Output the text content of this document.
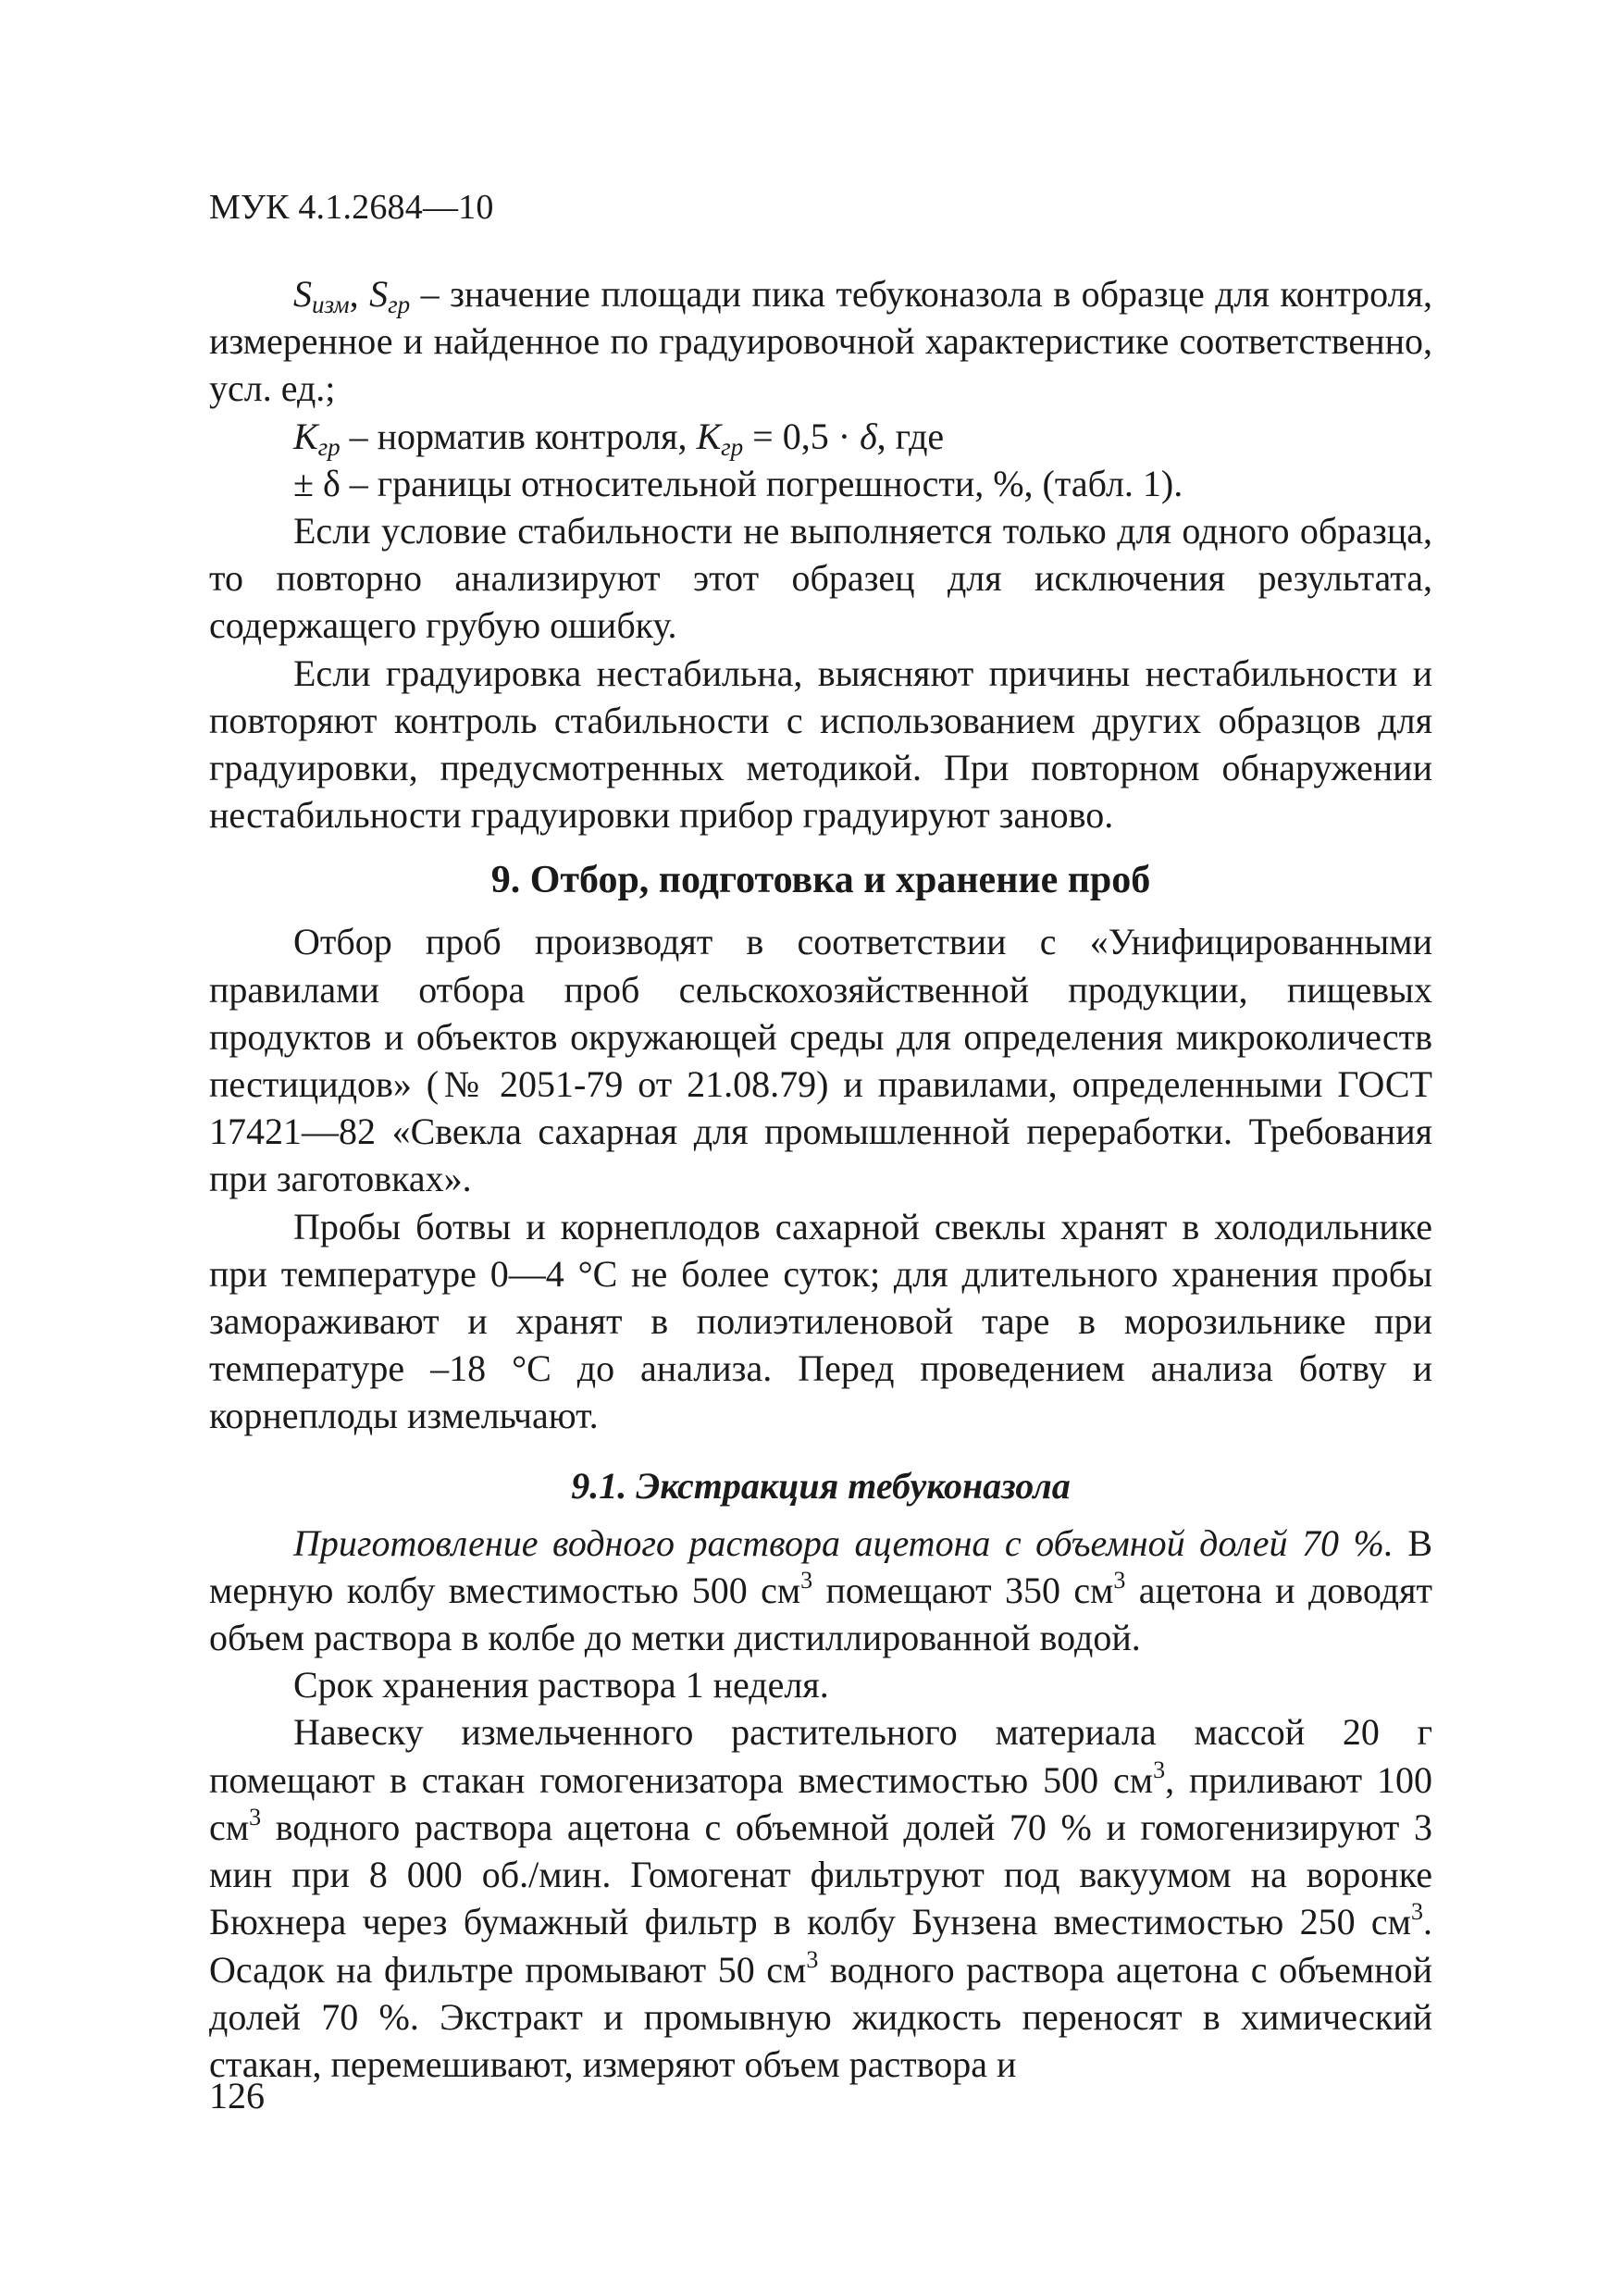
МУК 4.1.2684—10

$S_{изм}$, $S_{гр}$ – значение площади пика тебуконазола в образце для контроля, измеренное и найденное по градуировочной характеристике соответственно, усл. ед.;

$К_{гр}$ – норматив контроля, $К_{гр} = 0,5 \cdot \delta$, где

± δ – границы относительной погрешности, %, (табл. 1).

Если условие стабильности не выполняется только для одного образца, то повторно анализируют этот образец для исключения результата, содержащего грубую ошибку.

Если градуировка нестабильна, выясняют причины нестабильности и повторяют контроль стабильности с использованием других образцов для градуировки, предусмотренных методикой. При повторном обнаружении нестабильности градуировки прибор градуируют заново.

9. Отбор, подготовка и хранение проб

Отбор проб производят в соответствии с «Унифицированными правилами отбора проб сельскохозяйственной продукции, пищевых продуктов и объектов окружающей среды для определения микроколичеств пестицидов» (№ 2051-79 от 21.08.79) и правилами, определенными ГОСТ 17421—82 «Свекла сахарная для промышленной переработки. Требования при заготовках».

Пробы ботвы и корнеплодов сахарной свеклы хранят в холодильнике при температуре 0—4 °С не более суток; для длительного хранения пробы замораживают и хранят в полиэтиленовой таре в морозильнике при температуре –18 °С до анализа. Перед проведением анализа ботву и корнеплоды измельчают.

9.1. Экстракция тебуконазола

Приготовление водного раствора ацетона с объемной долей 70 %. В мерную колбу вместимостью 500 $см^3$ помещают 350 $см^3$ ацетона и доводят объем раствора в колбе до метки дистиллированной водой.

Срок хранения раствора 1 неделя.

Навеску измельченного растительного материала массой 20 г помещают в стакан гомогенизатора вместимостью 500 $см^3$, приливают 100 $см^3$ водного раствора ацетона с объемной долей 70 % и гомогенизируют 3 мин при 8 000 об./мин. Гомогенат фильтруют под вакуумом на воронке Бюхнера через бумажный фильтр в колбу Бунзена вместимостью 250 $см^3$. Осадок на фильтре промывают 50 $см^3$ водного раствора ацетона с объемной долей 70 %. Экстракт и промывную жидкость переносят в химический стакан, перемешивают, измеряют объем раствора и

126
